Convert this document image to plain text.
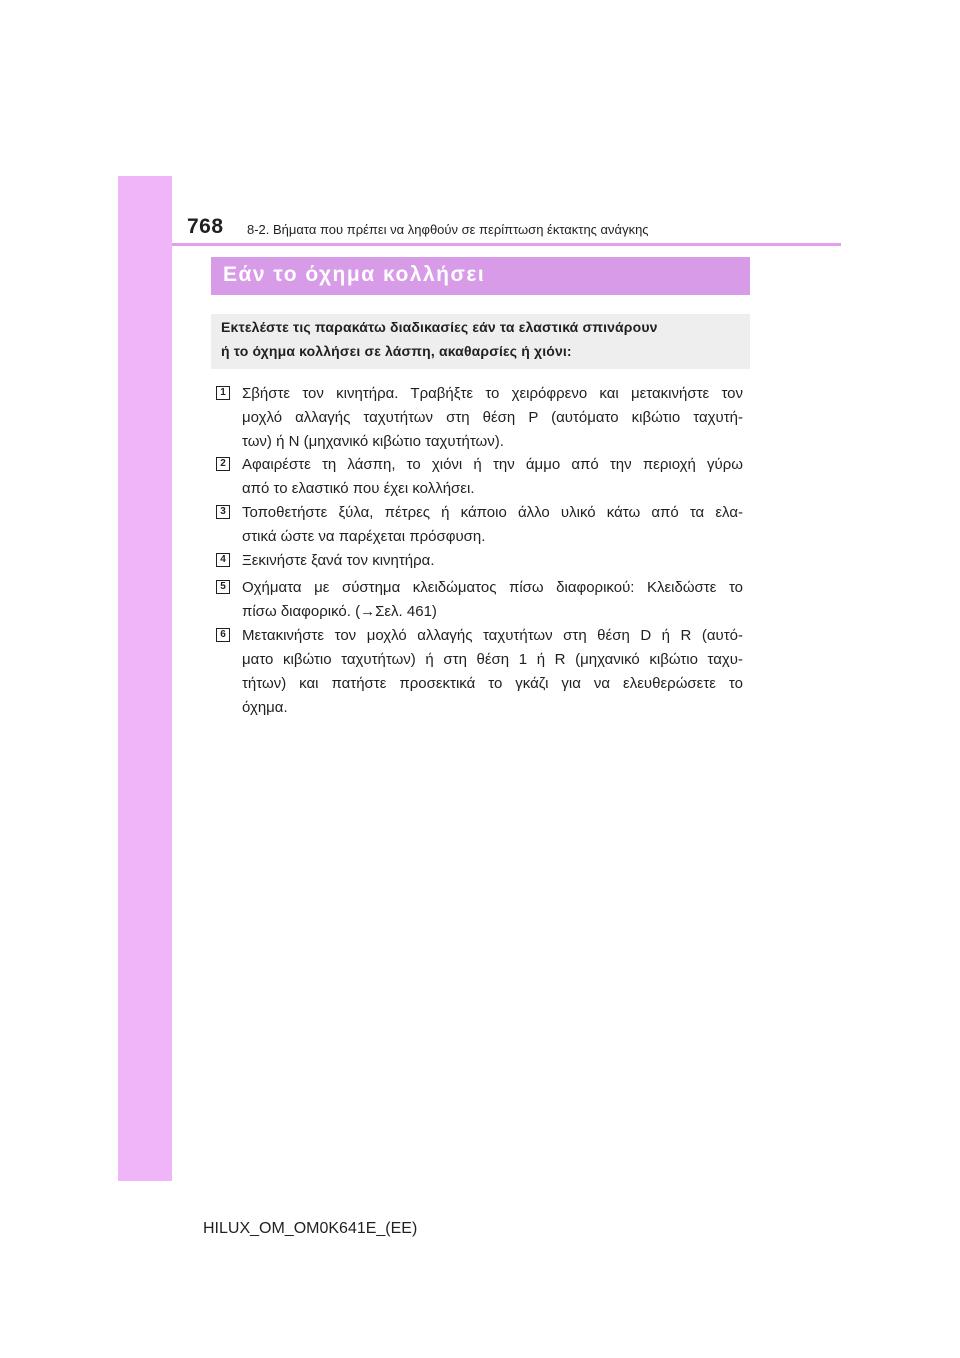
768 8-2. Βήματα που πρέπει να ληφθούν σε περίπτωση έκτακτης ανάγκης
Εάν το όχημα κολλήσει
Εκτελέστε τις παρακάτω διαδικασίες εάν τα ελαστικά σπινάρουν
ή το όχημα κολλήσει σε λάσπη, ακαθαρσίες ή χιόνι:
1 Σβήστε τον κινητήρα. Τραβήξτε το χειρόφρενο και μετακινήστε τον
μοχλό αλλαγής ταχυτήτων στη θέση P (αυτόματο κιβώτιο ταχυτή-
των) ή N (μηχανικό κιβώτιο ταχυτήτων).
2 Αφαιρέστε τη λάσπη, το χιόνι ή την άμμο από την περιοχή γύρω
από το ελαστικό που έχει κολλήσει.
3 Τοποθετήστε ξύλα, πέτρες ή κάποιο άλλο υλικό κάτω από τα ελα-
στικά ώστε να παρέχεται πρόσφυση.
4 Ξεκινήστε ξανά τον κινητήρα.
5 Οχήματα με σύστημα κλειδώματος πίσω διαφορικού: Κλειδώστε το
πίσω διαφορικό. (→Σελ. 461)
6 Μετακινήστε τον μοχλό αλλαγής ταχυτήτων στη θέση D ή R (αυτό-
ματο κιβώτιο ταχυτήτων) ή στη θέση 1 ή R (μηχανικό κιβώτιο ταχυ-
τήτων) και πατήστε προσεκτικά το γκάζι για να ελευθερώσετε το
όχημα.
HILUX_OM_OM0K641E_(EE)
